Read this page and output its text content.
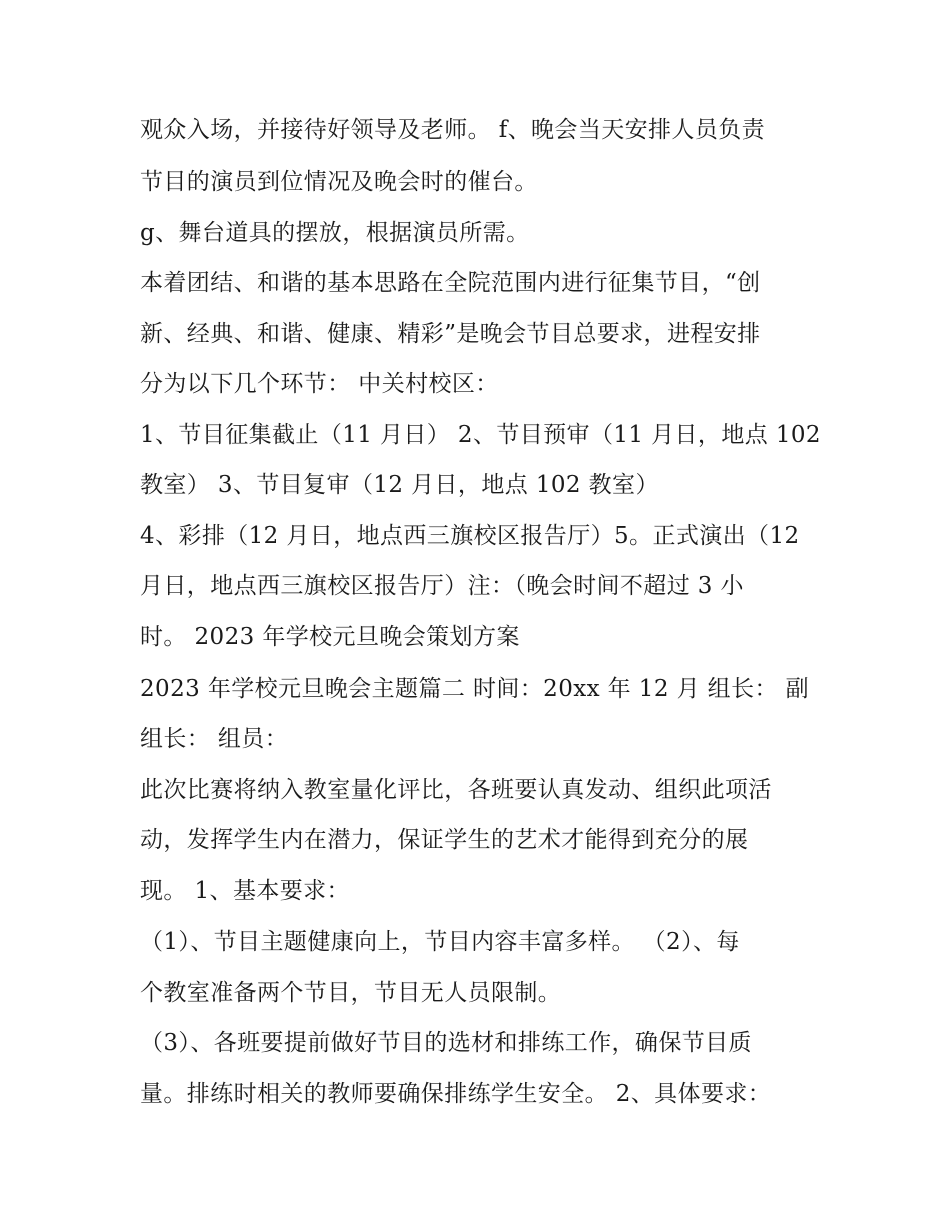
观众入场，并接待好领导及老师。 f、晚会当天安排人员负责
节目的演员到位情况及晚会时的催台。
g、舞台道具的摆放，根据演员所需。
本着团结、和谐的基本思路在全院范围内进行征集节目，“创
新、经典、和谐、健康、精彩”是晚会节目总要求，进程安排
分为以下几个环节： 中关村校区：
1、节目征集截止（11 月日） 2、节目预审（11 月日，地点 102
教室） 3、节目复审（12 月日，地点 102 教室）
4、彩排（12 月日，地点西三旗校区报告厅）5。正式演出（12
月日，地点西三旗校区报告厅）注：（晚会时间不超过 3 小
时。 2023 年学校元旦晚会策划方案
2023 年学校元旦晚会主题篇二 时间：20xx 年 12 月 组长： 副
组长： 组员：
此次比赛将纳入教室量化评比，各班要认真发动、组织此项活
动，发挥学生内在潜力，保证学生的艺术才能得到充分的展
现。 1、基本要求：
（1）、节目主题健康向上，节目内容丰富多样。 （2）、每
个教室准备两个节目，节目无人员限制。
（3）、各班要提前做好节目的选材和排练工作，确保节目质
量。排练时相关的教师要确保排练学生安全。 2、具体要求：
